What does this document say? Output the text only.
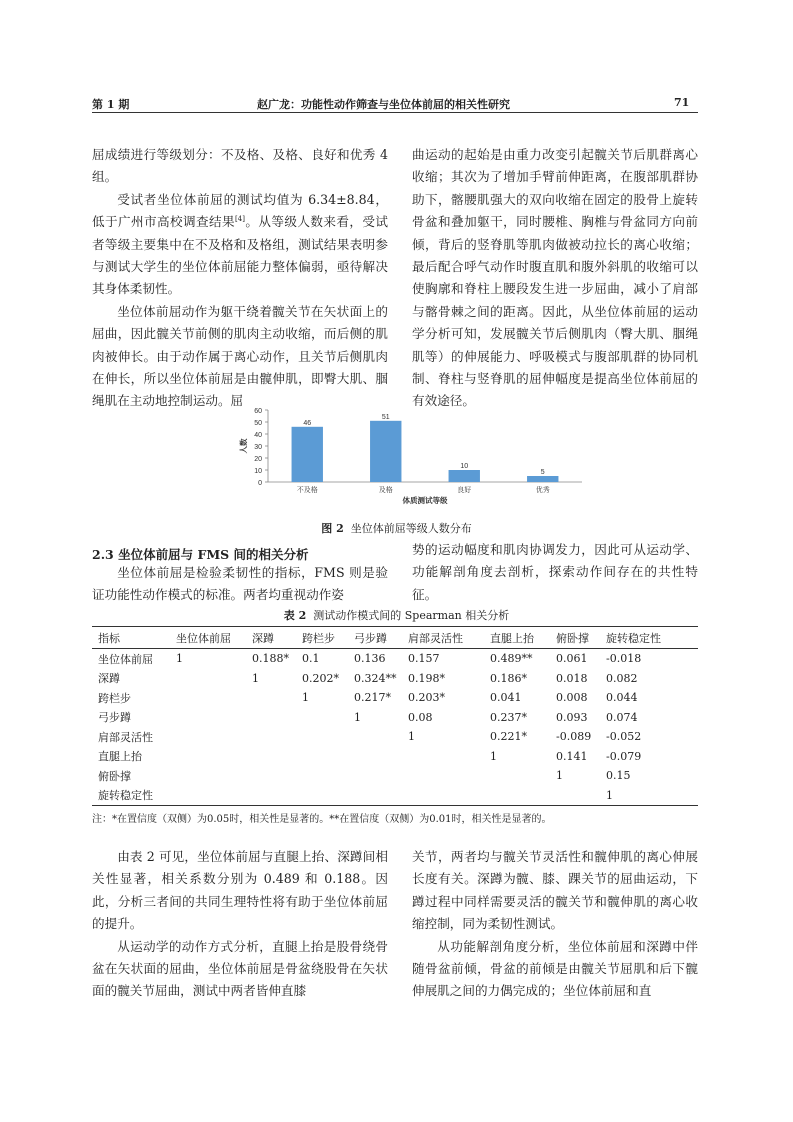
第 1 期	赵广龙：功能性动作筛查与坐位体前屈的相关性研究	71

屈成绩进行等级划分：不及格、及格、良好和优秀 4 组。

受试者坐位体前屈的测试均值为 6.34±8.84，低于广州市高校调查结果[4]。从等级人数来看，受试者等级主要集中在不及格和及格组，测试结果表明参与测试大学生的坐位体前屈能力整体偏弱，亟待解决其身体柔韧性。

坐位体前屈动作为躯干绕着髋关节在矢状面上的屈曲，因此髋关节前侧的肌肉主动收缩，而后侧的肌肉被伸长。由于动作属于离心动作，且关节后侧肌肉在伸长，所以坐位体前屈是由髋伸肌，即臀大肌、腘绳肌在主动地控制运动。屈

曲运动的起始是由重力改变引起髋关节后肌群离心收缩；其次为了增加手臂前伸距离，在腹部肌群协助下，髂腰肌强大的双向收缩在固定的股骨上旋转骨盆和叠加躯干，同时腰椎、胸椎与骨盆同方向前倾，背后的竖脊肌等肌肉做被动拉长的离心收缩；最后配合呼气动作时腹直肌和腹外斜肌的收缩可以使胸廓和脊柱上腰段发生进一步屈曲，减小了肩部与髂骨棘之间的距离。因此，从坐位体前屈的运动学分析可知，发展髋关节后侧肌肉（臀大肌、腘绳肌等）的伸展能力、呼吸模式与腹部肌群的协同机制、脊柱与竖脊肌的屈伸幅度是提高坐位体前屈的有效途径。

0
10
20
30
40
50
60
46
不及格
51
及格
10
良好
5
优秀
体质测试等级
人数
图 2 坐位体前屈等级人数分布
2.3 坐位体前屈与 FMS 间的相关分析

坐位体前屈是检验柔韧性的指标，FMS 则是验证功能性动作模式的标准。两者均重视动作姿

势的运动幅度和肌肉协调发力，因此可从运动学、功能解剖角度去剖析，探索动作间存在的共性特征。

表 2 测试动作模式间的 Spearman 相关分析
指标	坐位体前屈	深蹲	跨栏步	弓步蹲	肩部灵活性	直腿上抬	俯卧撑	旋转稳定性
坐位体前屈	1	0.188*	0.1	0.136	0.157	0.489**	0.061	-0.018
深蹲		1	0.202*	0.324**	0.198*	0.186*	0.018	0.082
跨栏步			1	0.217*	0.203*	0.041	0.008	0.044
弓步蹲				1	0.08	0.237*	0.093	0.074
肩部灵活性					1	0.221*	-0.089	-0.052
直腿上抬						1	0.141	-0.079
俯卧撑							1	0.15
旋转稳定性								1
注：*在置信度（双侧）为0.05时，相关性是显著的。**在置信度（双侧）为0.01时，相关性是显著的。

由表 2 可见，坐位体前屈与直腿上抬、深蹲间相关性显著，相关系数分别为 0.489 和 0.188。因此，分析三者间的共同生理特性将有助于坐位体前屈的提升。

从运动学的动作方式分析，直腿上抬是股骨绕骨盆在矢状面的屈曲，坐位体前屈是骨盆绕股骨在矢状面的髋关节屈曲，测试中两者皆伸直膝

关节，两者均与髋关节灵活性和髋伸肌的离心伸展长度有关。深蹲为髋、膝、踝关节的屈曲运动，下蹲过程中同样需要灵活的髋关节和髋伸肌的离心收缩控制，同为柔韧性测试。

从功能解剖角度分析，坐位体前屈和深蹲中伴随骨盆前倾，骨盆的前倾是由髋关节屈肌和后下髋伸展肌之间的力偶完成的；坐位体前屈和直
